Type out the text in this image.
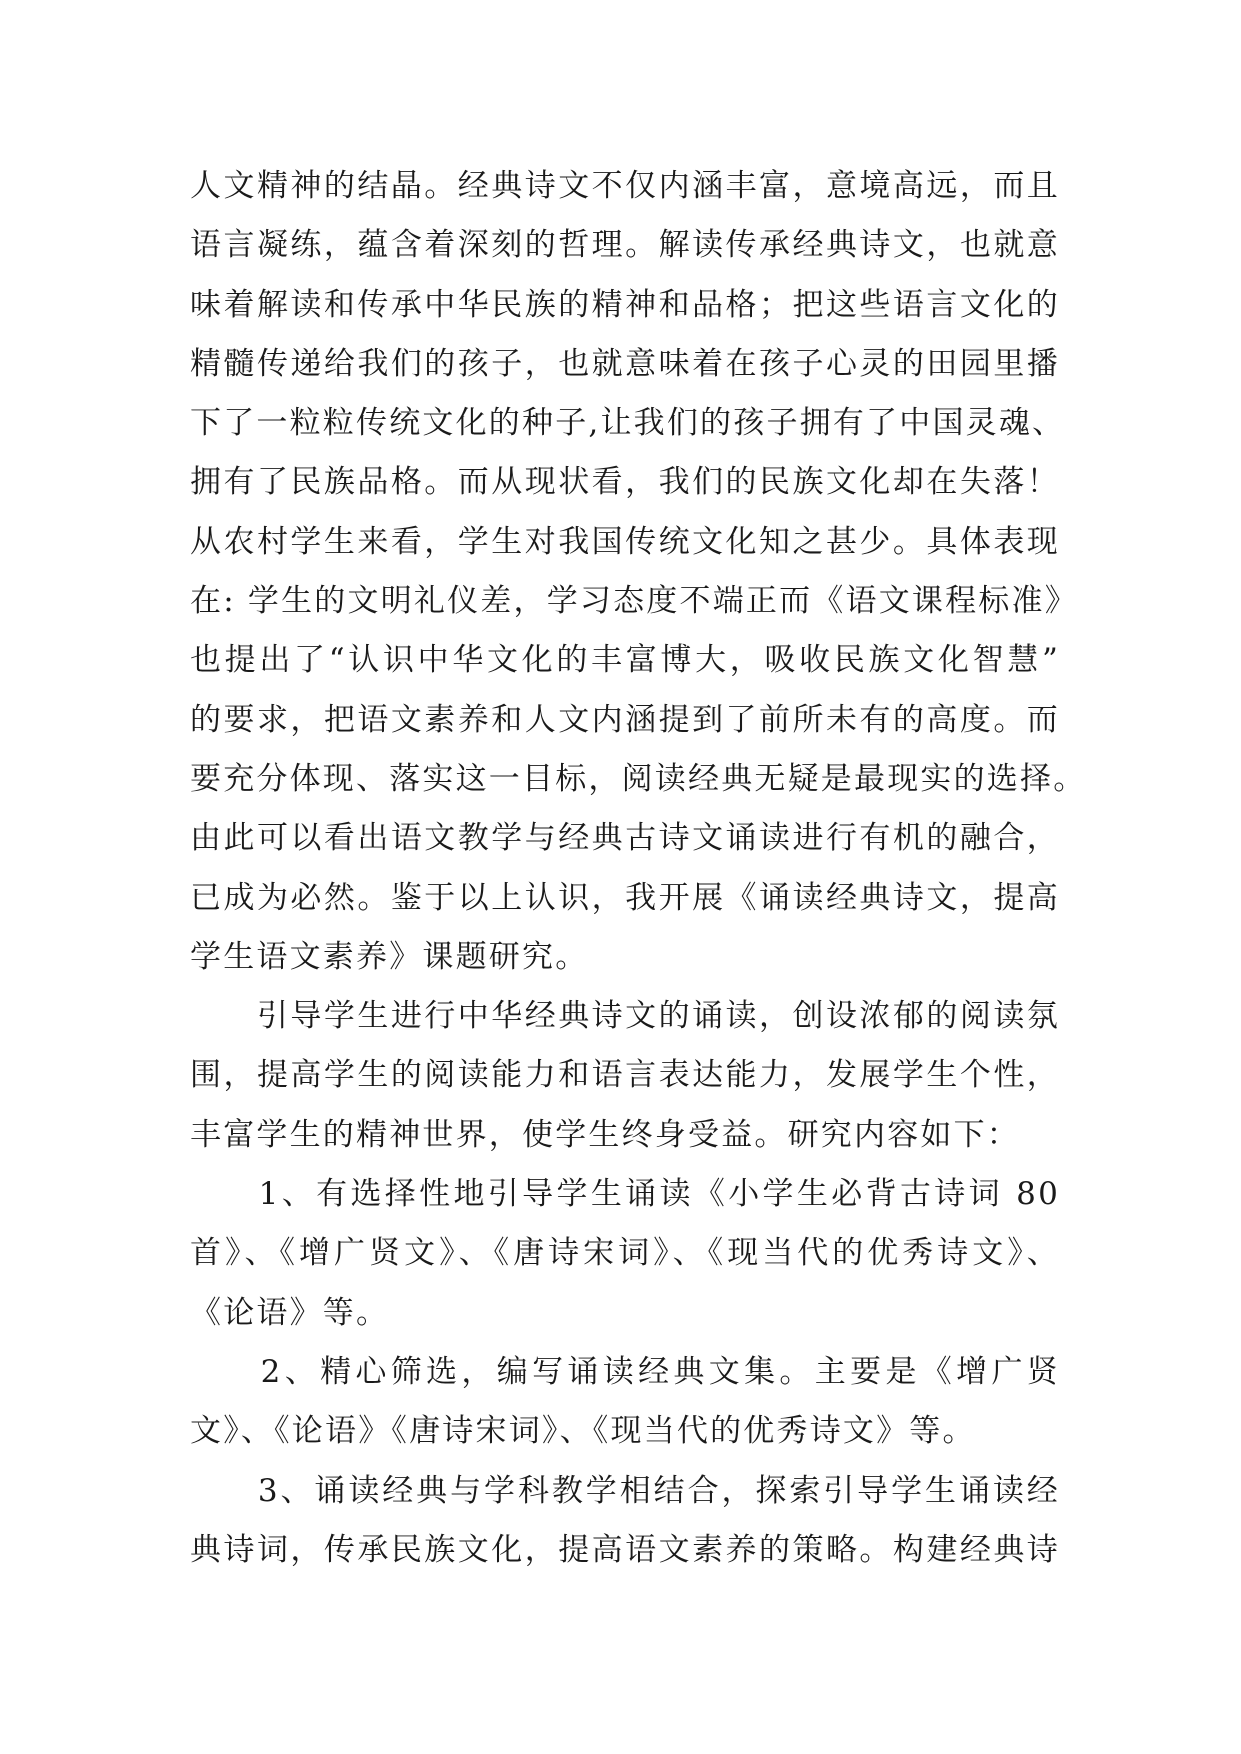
人文精神的结晶。经典诗文不仅内涵丰富，意境高远，而且
语言凝练，蕴含着深刻的哲理。解读传承经典诗文，也就意
味着解读和传承中华民族的精神和品格；把这些语言文化的
精髓传递给我们的孩子，也就意味着在孩子心灵的田园里播
下了一粒粒传统文化的种子,让我们的孩子拥有了中国灵魂、
拥有了民族品格。而从现状看，我们的民族文化却在失落！
从农村学生来看，学生对我国传统文化知之甚少。具体表现
在: 学生的文明礼仪差，学习态度不端正而《语文课程标准》
也提出了“认识中华文化的丰富博大，吸收民族文化智慧”
的要求，把语文素养和人文内涵提到了前所未有的高度。而
要充分体现、落实这一目标，阅读经典无疑是最现实的选择。
由此可以看出语文教学与经典古诗文诵读进行有机的融合，
已成为必然。鉴于以上认识，我开展《诵读经典诗文，提高
学生语文素养》课题研究。

　　引导学生进行中华经典诗文的诵读，创设浓郁的阅读氛
围，提高学生的阅读能力和语言表达能力，发展学生个性，
丰富学生的精神世界，使学生终身受益。研究内容如下：

　　1、有选择性地引导学生诵读《小学生必背古诗词 80
首》、《增广贤文》、《唐诗宋词》、《现当代的优秀诗文》、
《论语》等。

　　2、精心筛选，编写诵读经典文集。主要是《增广贤
文》、《论语》《唐诗宋词》、《现当代的优秀诗文》等。

　　3、诵读经典与学科教学相结合，探索引导学生诵读经
典诗词，传承民族文化，提高语文素养的策略。构建经典诗
